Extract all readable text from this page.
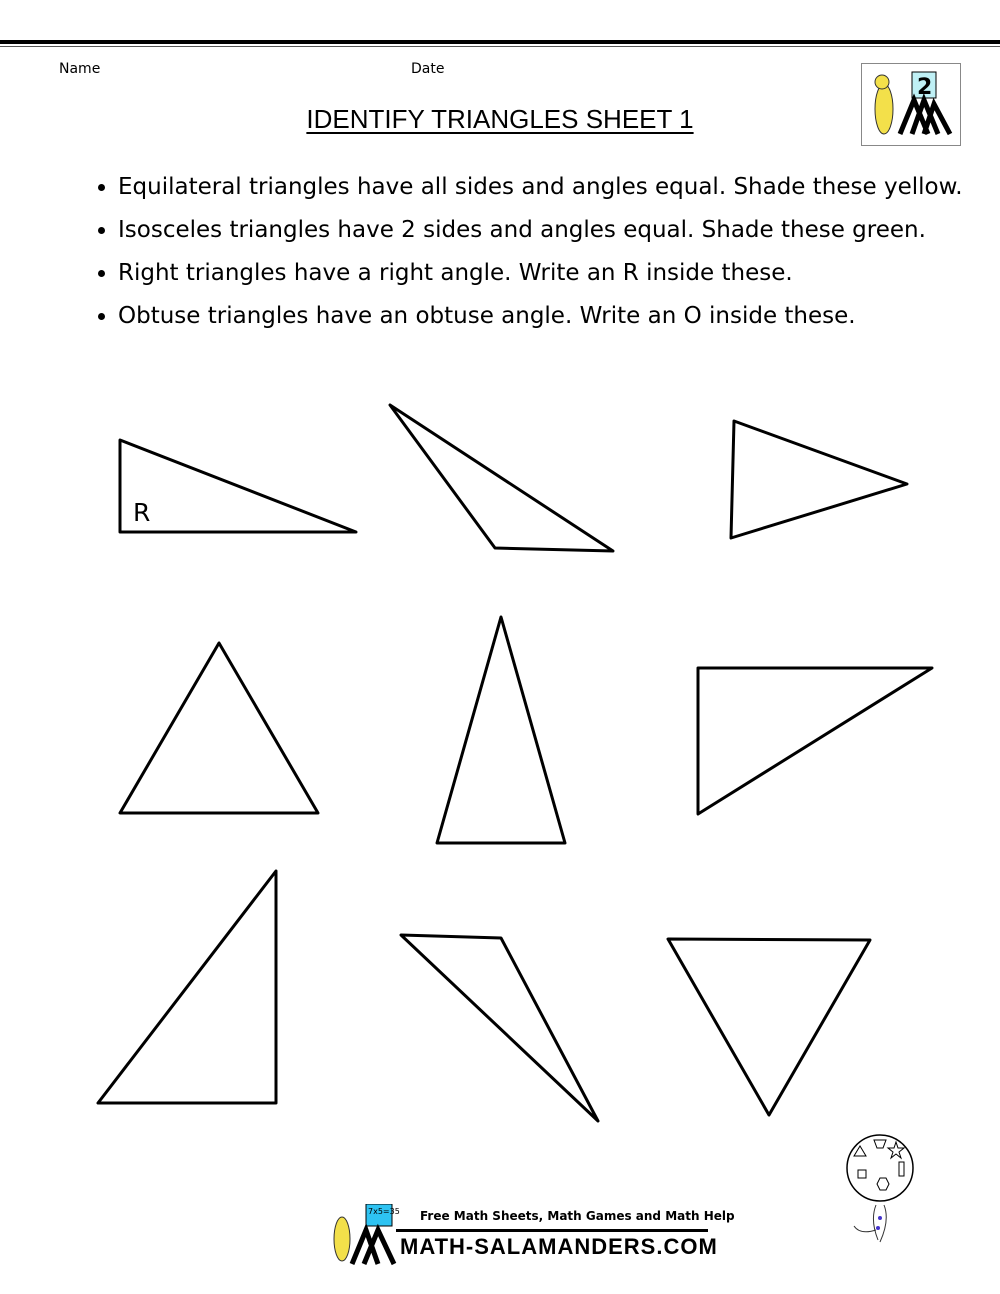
Name	Date
IDENTIFY TRIANGLES SHEET 1
2
• Equilateral triangles have all sides and angles equal. Shade these yellow.
• Isosceles triangles have 2 sides and angles equal. Shade these green.
• Right triangles have a right angle. Write an R inside these.
• Obtuse triangles have an obtuse angle. Write an O inside these.
R
7x5=35 Free Math Sheets, Math Games and Math Help
MATH-SALAMANDERS.COM
